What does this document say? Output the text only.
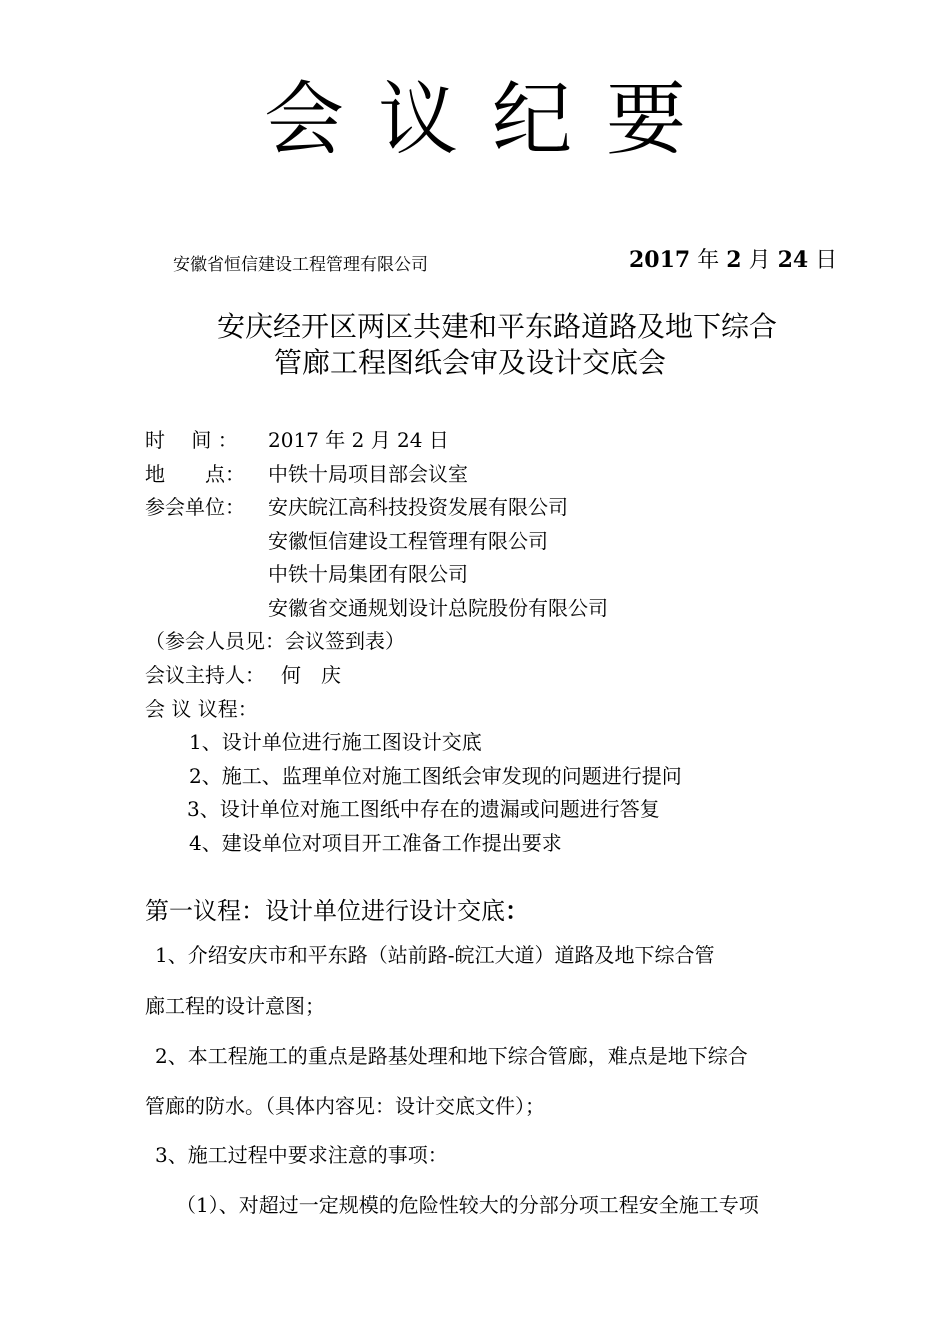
会议纪要
安徽省恒信建设工程管理有限公司	2017 年 2 月 24 日
安庆经开区两区共建和平东路道路及地下综合
管廊工程图纸会审及设计交底会
时　 间 ： 2017 年 2 月 24 日
地　　点： 中铁十局项目部会议室
参会单位： 安庆皖江高科技投资发展有限公司
安徽恒信建设工程管理有限公司
中铁十局集团有限公司
安徽省交通规划设计总院股份有限公司
（参会人员见：会议签到表）
会议主持人： 何　庆
会 议 议程：
1、设计单位进行施工图设计交底
2、施工、监理单位对施工图纸会审发现的问题进行提问
3、设计单位对施工图纸中存在的遗漏或问题进行答复
4、建设单位对项目开工准备工作提出要求
第一议程：设计单位进行设计交底：
1、介绍安庆市和平东路（站前路-皖江大道）道路及地下综合管
廊工程的设计意图；
2、本工程施工的重点是路基处理和地下综合管廊，难点是地下综合
管廊的防水。（具体内容见：设计交底文件）；
3、施工过程中要求注意的事项：
（1）、对超过一定规模的危险性较大的分部分项工程安全施工专项
